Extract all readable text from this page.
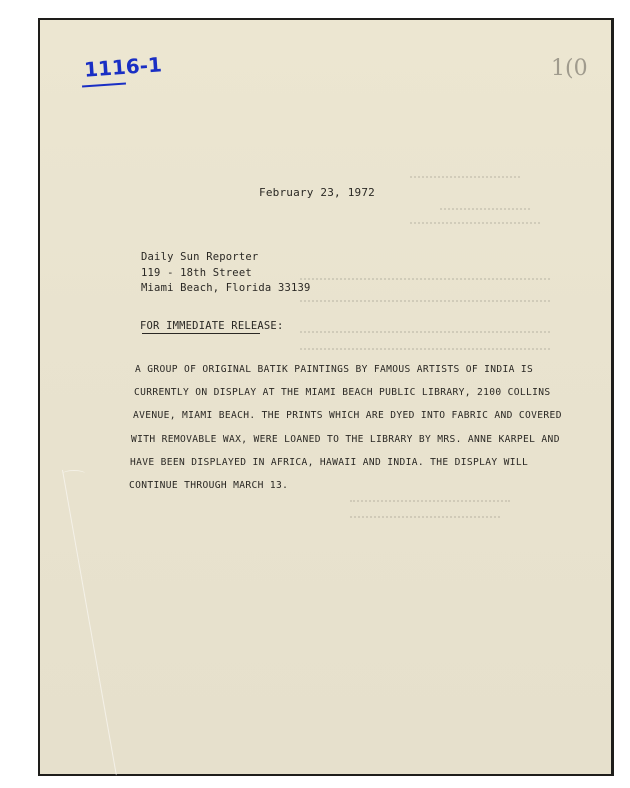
1116-1	1(0
February 23, 1972
Daily Sun Reporter
119 - 18th Street
Miami Beach, Florida 33139
FOR IMMEDIATE RELEASE:
A GROUP OF ORIGINAL BATIK PAINTINGS BY FAMOUS ARTISTS OF INDIA IS
CURRENTLY ON DISPLAY AT THE MIAMI BEACH PUBLIC LIBRARY, 2100 COLLINS
AVENUE, MIAMI BEACH. THE PRINTS WHICH ARE DYED INTO FABRIC AND COVERED
WITH REMOVABLE WAX, WERE LOANED TO THE LIBRARY BY MRS. ANNE KARPEL AND
HAVE BEEN DISPLAYED IN AFRICA, HAWAII AND INDIA. THE DISPLAY WILL
CONTINUE THROUGH MARCH 13.
